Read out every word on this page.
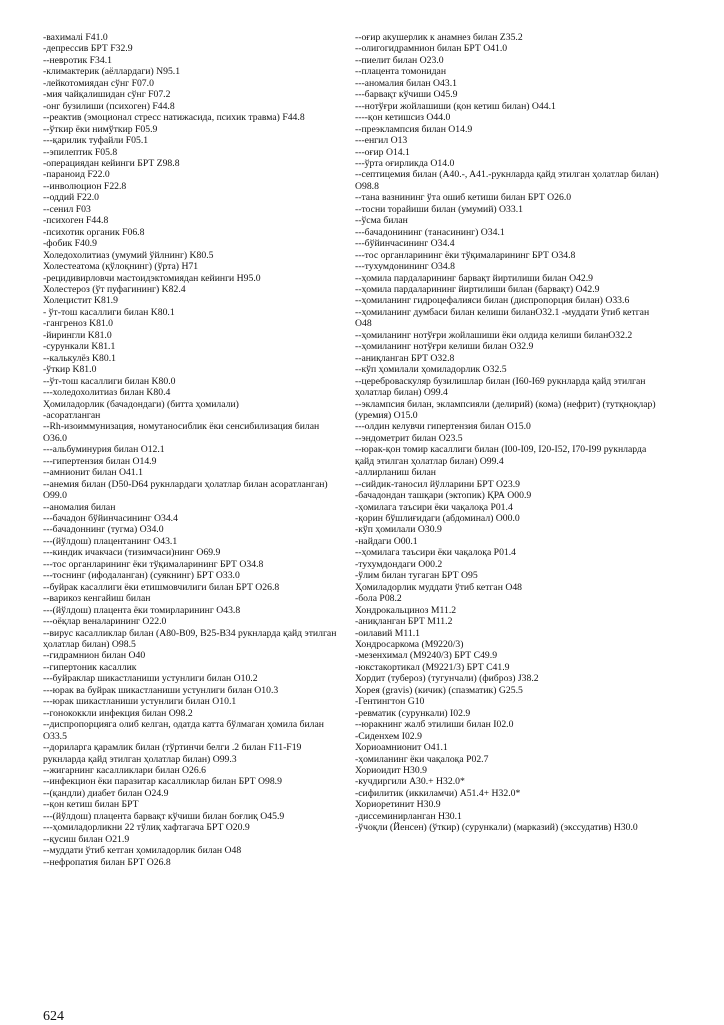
-вахималі F41.0

-депрессив БРТ F32.9

--невротик F34.1

-климактерик (аёллардаги) N95.1

-лейкотомиядан сўнг F07.0

-мия чайқалишидан сўнг F07.2

-онг бузилиши (психоген) F44.8

--реактив (эмоционал стресс натижасида, психик травма) F44.8

--ўткир ёки нимўткир F05.9

---қарилик туфайли F05.1

--эпилептик F05.8

-операциядан кейинги БРТ Z98.8

-параноид F22.0

--инволюцион F22.8

--оддий F22.0

--сенил F03

-психоген F44.8

-психотик органик F06.8

-фобик F40.9

Холедохолитиаз (умумий ўйлнинг) K80.5

Холестеатома (қўлоқнинг) (ўрта) H71

-рецидивирловчи мастоидэктомиядан кейинги H95.0

Холестероз (ўт пуфагининг) K82.4

Холецистит K81.9

- ўт-тош касаллиги билан K80.1

-гангреноз K81.0

-йирингли K81.0

-сурункали K81.1

--калькулёз K80.1

-ўткир K81.0

--ўт-тош касаллиги билан K80.0

---холедохолитиаз билан K80.4

Ҳомиладорлик (бачадондаги) (битта ҳомилали)

-асоратланган

--Rh-изоиммунизация, номутаносиблик ёки сенсибилизация билан O36.0

---альбуминурия билан O12.1

---гипертензия билан O14.9

--амнионит билан O41.1

--анемия билан (D50-D64 рукнлардаги ҳолатлар билан асоратланган) O99.0

--аномалия билан

---бачадон бўйинчасининг O34.4

---бачадоннинг (тугма) O34.0

---(йўлдош) плацентанинг O43.1

---киндик ичакчаси (тизимчаси)нинг O69.9

---тос органларининг ёки тўқималарининг БРТ O34.8

---тоснинг (ифодаланган) (суякнинг) БРТ O33.0

--буйрак касаллиги ёки етишмовчилиги билан БРТ O26.8

--варикоз кенгайиш билан

---(йўлдош) плацента ёки томирларининг O43.8

---оёқлар веналарининг O22.0

--вирус касалликлар билан (A80-B09, B25-B34 рукнларда қайд этилган ҳолатлар билан) O98.5

--гидрамнион билан O40

--гипертоник касаллик

---буйраклар шикастланиши устунлиги билан O10.2

---юрак ва буйрак шикастланиши устунлиги билан O10.3

---юрак шикастланиши устунлиги билан O10.1

--гонококкли инфекция билан O98.2

--диспропорцияга олиб келган, одатда катта бўлмаган ҳомила билан O33.5

--дориларга қарамлик билан (тўртинчи белги .2 билан F11-F19 рукнларда қайд этилган ҳолатлар билан) O99.3

--жигарнинг касалликлари билан O26.6

--инфекцион ёки паразитар касалликлар билан БРТ O98.9

--(қандли) диабет билан O24.9

--қон кетиш билан БРТ

---(йўлдош) плацента барвақт кўчиши билан боғлиқ O45.9

---ҳомиладорликни 22 тўлиқ хафтагача БРТ O20.9

--қусиш билан O21.9

--муддати ўтиб кетган ҳомиладорлик билан O48

--нефропатия билан БРТ O26.8

--оғир акушерлик к анамнез билан Z35.2

--олигогидрамнион билан БРТ O41.0

--пиелит билан O23.0

--плацента томонидан

---аномалия билан O43.1

---барвақт кўчиши O45.9

---нотўғри жойлашиши (қон кетиш билан) O44.1

----қон кетишсиз O44.0

--преэклампсия билан O14.9

---енгил O13

---оғир O14.1

---ўрта оғирликда O14.0

--септицемия билан (A40.-, A41.-рукнларда қайд этилган ҳолатлар билан) O98.8

--тана вазнининг ўта ошиб кетиши билан БРТ O26.0

--тосни торайиши билан (умумий) O33.1

--ўсма билан

---бачадонининг (танасининг) O34.1

---бўйинчасининг O34.4

---тос органларининг ёки тўқималарининг БРТ O34.8

---тухумдонининг O34.8

--ҳомила пардаларининг барвақт йиртилиши билан O42.9

--ҳомила пардаларининг йиртилиши билан (барвақт) O42.9

--ҳомиланинг гидроцефалияси билан (диспропорция билан) O33.6

--ҳомиланинг думбаси билан келиши биланO32.1 -муддати ўтиб кетган O48

--ҳомиланинг нотўғри жойлашиши ёки олдида келиши биланO32.2

--ҳомиланинг нотўғри келиши билан O32.9

--аниқланган БРТ O32.8

--кўп ҳомилали ҳомиладорлик O32.5

--цереброваскуляр бузилишлар билан (I60-I69 рукнларда қайд этилган ҳолатлар билан) O99.4

--эклампсия билан, эклампсияли (делирий) (кома) (нефрит) (тутқноқлар) (уремия) O15.0

---олдин келувчи гипертензия билан O15.0

--эндометрит билан O23.5

--юрак-қон томир касаллиги билан (I00-I09, I20-I52, I70-I99 рукнларда қайд этилган ҳолатлар билан) O99.4

-аллирланиш билан

--сийдик-таносил йўлларини БРТ O23.9

-бачадондан ташқари (эктопик) ҚРА O00.9

-ҳомилага таъсири ёки чақалоқа P01.4

-қорин бўшлиғидаги (абдоминал) O00.0

-кўп ҳомилали O30.9

-найдаги O00.1

--ҳомилага таъсири ёки чақалоқа P01.4

-тухумдондаги O00.2

-ўлим билан тугаган БРТ O95

Ҳомиладорлик муддати ўтиб кетган O48

-бола P08.2

Хондрокальциноз M11.2

-аниқланган БРТ M11.2

-оилавий M11.1

Хондросаркома (M9220/3)

-мезенхимал (M9240/3) БРТ C49.9

-юкстакортикал (M9221/3) БРТ C41.9

Хордит (тубероз) (тугунчали) (фиброз) J38.2

Хорея (gravis) (кичик) (спазматик) G25.5

-Гентингтон G10

-ревматик (сурункали) I02.9

--юракнинг жалб этилиши билан I02.0

-Сиденхем I02.9

Хориоамнионит O41.1

-ҳомиланинг ёки чақалоқа P02.7

Хориоидит H30.9

-кучдиргили A30.+ H32.0*

-сифилитик (иккиламчи) A51.4+ H32.0*

Хориоретинит H30.9

-диссеминирланган H30.1

-ўчоқли (Йенсен) (ўткир) (сурункали) (марказий) (экссудатив) H30.0

624
